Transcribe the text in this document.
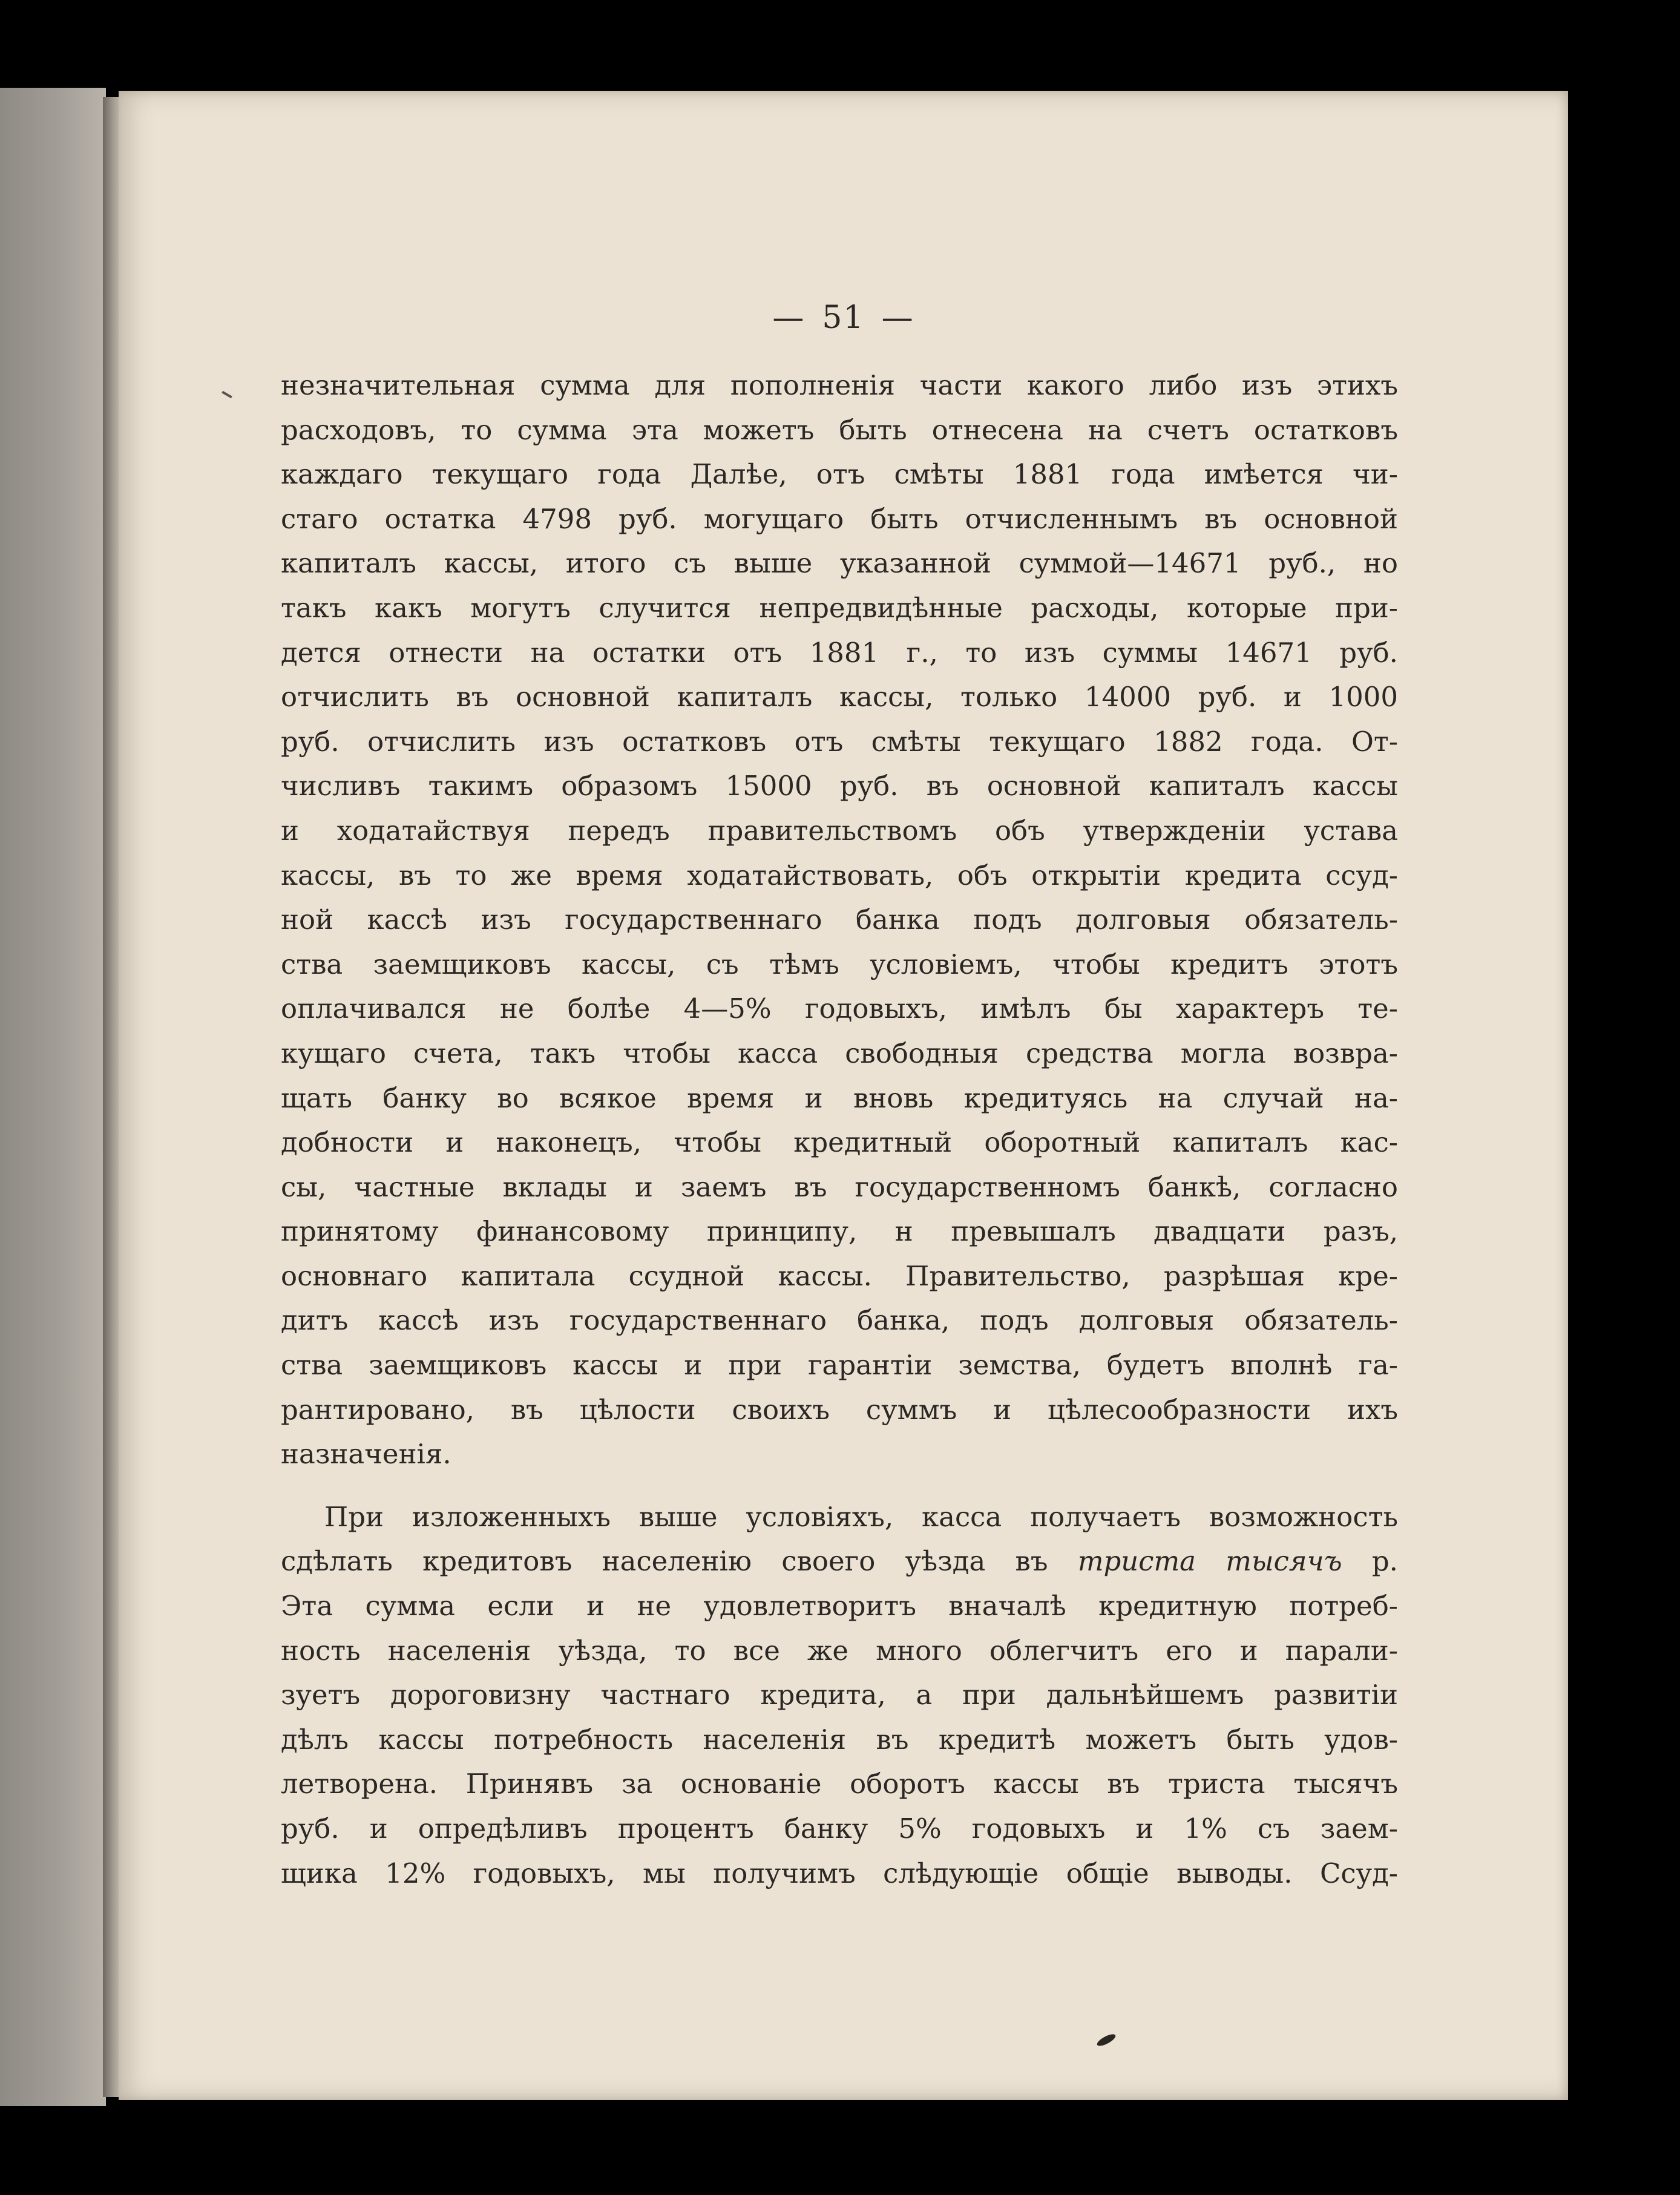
— 51 —
незначительная сумма для пополненія части какого либо изъ этихъ
расходовъ, то сумма эта можетъ быть отнесена на счетъ остатковъ
каждаго текущаго года Далѣе, отъ смѣты 1881 года имѣется чи-
стаго остатка 4798 руб. могущаго быть отчисленнымъ въ основной
капиталъ кассы, итого съ выше указанной суммой—14671 руб., но
такъ какъ могутъ случится непредвидѣнные расходы, которые при-
дется отнести на остатки отъ 1881 г., то изъ суммы 14671 руб.
отчислить въ основной капиталъ кассы, только 14000 руб. и 1000
руб. отчислить изъ остатковъ отъ смѣты текущаго 1882 года. От-
числивъ такимъ образомъ 15000 руб. въ основной капиталъ кассы
и ходатайствуя передъ правительствомъ объ утвержденіи устава
кассы, въ то же время ходатайствовать, объ открытіи кредита ссуд-
ной кассѣ изъ государственнаго банка подъ долговыя обязатель-
ства заемщиковъ кассы, съ тѣмъ условіемъ, чтобы кредитъ этотъ
оплачивался не болѣе 4—5% годовыхъ, имѣлъ бы характеръ те-
кущаго счета, такъ чтобы касса свободныя средства могла возвра-
щать банку во всякое время и вновь кредитуясь на случай на-
добности и наконецъ, чтобы кредитный оборотный капиталъ кас-
сы, частные вклады и заемъ въ государственномъ банкѣ, согласно
принятому финансовому принципу, н превышалъ двадцати разъ,
основнаго капитала ссудной кассы. Правительство, разрѣшая кре-
дитъ кассѣ изъ государственнаго банка, подъ долговыя обязатель-
ства заемщиковъ кассы и при гарантіи земства, будетъ вполнѣ га-
рантировано, въ цѣлости своихъ суммъ и цѣлесообразности ихъ
назначенія.
При изложенныхъ выше условіяхъ, касса получаетъ возможность
сдѣлать кредитовъ населенію своего уѣзда въ триста тысячъ р.
Эта сумма если и не удовлетворитъ вначалѣ кредитную потреб-
ность населенія уѣзда, то все же много облегчитъ его и парали-
зуетъ дороговизну частнаго кредита, а при дальнѣйшемъ развитіи
дѣлъ кассы потребность населенія въ кредитѣ можетъ быть удов-
летворена. Принявъ за основаніе оборотъ кассы въ триста тысячъ
руб. и опредѣливъ процентъ банку 5% годовыхъ и 1% съ заем-
щика 12% годовыхъ, мы получимъ слѣдующіе общіе выводы. Ссуд-
